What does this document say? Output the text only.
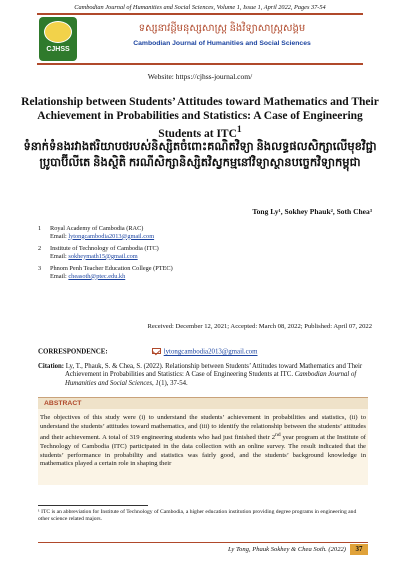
Cambodian Journal of Humanities and Social Sciences, Volume 1, Issue 1, April 2022, Pages 37-54
CJHSS
ទស្សនាវដ្តីមនុស្សសាស្ត្រ និងវិទ្យាសាស្ត្រសង្គម
Cambodian Journal of Humanities and Social Sciences
Website: https://cjhss-journal.com/
Relationship between Students’ Attitudes toward Mathematics and Their Achievement in Probabilities and Statistics: A Case of Engineering Students at ITC$^1$
ទំនាក់ទំនងរវាងឥរិយាបថរបស់និស្សិតចំពោះគណិតវិទ្យា និងលទ្ធផលសិក្សាលើមុខវិជ្ជាប្រូបាប៊ីលីតេ និងស្ថិតិ ករណីសិក្សានិស្សិតវិស្វកម្មនៅវិទ្យាស្ថានបច្ចេកវិទ្យាកម្ពុជា
Tong Ly¹, Sokhey Phauk², Soth Chea³
1	Royal Academy of Cambodia (RAC)
Email: lytongcambodia2013@gmail.com
2	Institute of Technology of Cambodia (ITC)
Email: sokheymath15@gmail.com
3	Phnom Penh Teacher Education College (PTEC)
Email: cheasoth@ptec.edu.kh
Received: December 12, 2021; Accepted: March 08, 2022; Published: April 07, 2022
CORRESPONDENCE:	lytongcambodia2013@gmail.com
Citation: Ly, T., Phauk, S. & Chea, S. (2022). Relationship between Students’ Attitudes toward Mathematics and Their Achievement in Probabilities and Statistics: A Case of Engineering Students at ITC. Cambodian Journal of Humanities and Social Sciences, 1(1), 37-54.
ABSTRACT
The objectives of this study were (i) to understand the students’ achievement in probabilities and statistics, (ii) to understand the students’ attitudes toward mathematics, and (iii) to identify the relationship between the students’ attitudes and their achievement. A total of 319 engineering students who had just finished their 2nd year program at the Institute of Technology of Cambodia (ITC) participated in the data collection with an online survey. The result indicated that the students’ performance in probability and statistics was fairly good, and the students’ background knowledge in mathematics played a certain role in shaping their
¹ ITC is an abbreviation for Institute of Technology of Cambodia, a higher education institution providing degree programs in engineering and other science related majors.
Ly Tong, Phauk Sokhey & Chea Soth. (2022)	37
